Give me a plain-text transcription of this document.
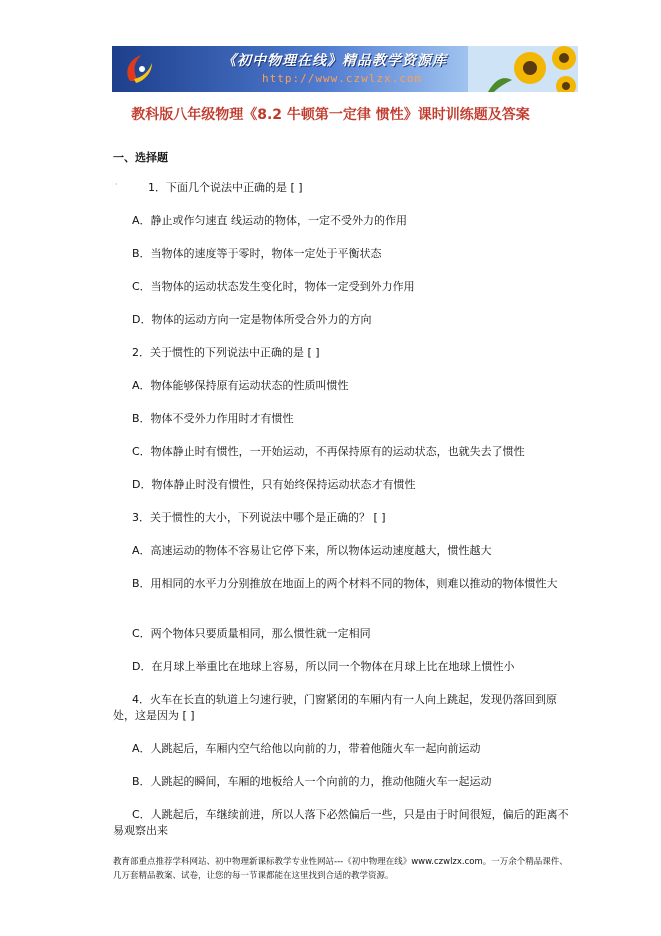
《初中物理在线》精品教学资源库
http://www.czwlzx.com
教科版八年级物理《8.2 牛顿第一定律 惯性》课时训练题及答案
一、选择题
·	1．下面几个说法中正确的是 [ ]
A．静止或作匀速直 线运动的物体，一定不受外力的作用
B．当物体的速度等于零时，物体一定处于平衡状态
C．当物体的运动状态发生变化时，物体一定受到外力作用
D．物体的运动方向一定是物体所受合外力的方向
2．关于惯性的下列说法中正确的是 [ ]
A．物体能够保持原有运动状态的性质叫惯性
B．物体不受外力作用时才有惯性
C．物体静止时有惯性，一开始运动，不再保持原有的运动状态，也就失去了惯性
D．物体静止时没有惯性，只有始终保持运动状态才有惯性
3．关于惯性的大小，下列说法中哪个是正确的？ [ ]
A．高速运动的物体不容易让它停下来，所以物体运动速度越大，惯性越大
B．用相同的水平力分别推放在地面上的两个材料不同的物体，则难以推动的物体惯性大
C．两个物体只要质量相同，那么惯性就一定相同
D．在月球上举重比在地球上容易，所以同一个物体在月球上比在地球上惯性小
4．火车在长直的轨道上匀速行驶，门窗紧闭的车厢内有一人向上跳起，发现仍落回到原处，这是因为 [ ]
A．人跳起后，车厢内空气给他以向前的力，带着他随火车一起向前运动
B．人跳起的瞬间，车厢的地板给人一个向前的力，推动他随火车一起运动
C．人跳起后，车继续前进，所以人落下必然偏后一些，只是由于时间很短，偏后的距离不易观察出来
教育部重点推荐学科网站、初中物理新课标教学专业性网站---《初中物理在线》www.czwlzx.com。一万余个精品课件、几万套精品教案、试卷，让您的每一节课都能在这里找到合适的教学资源。
